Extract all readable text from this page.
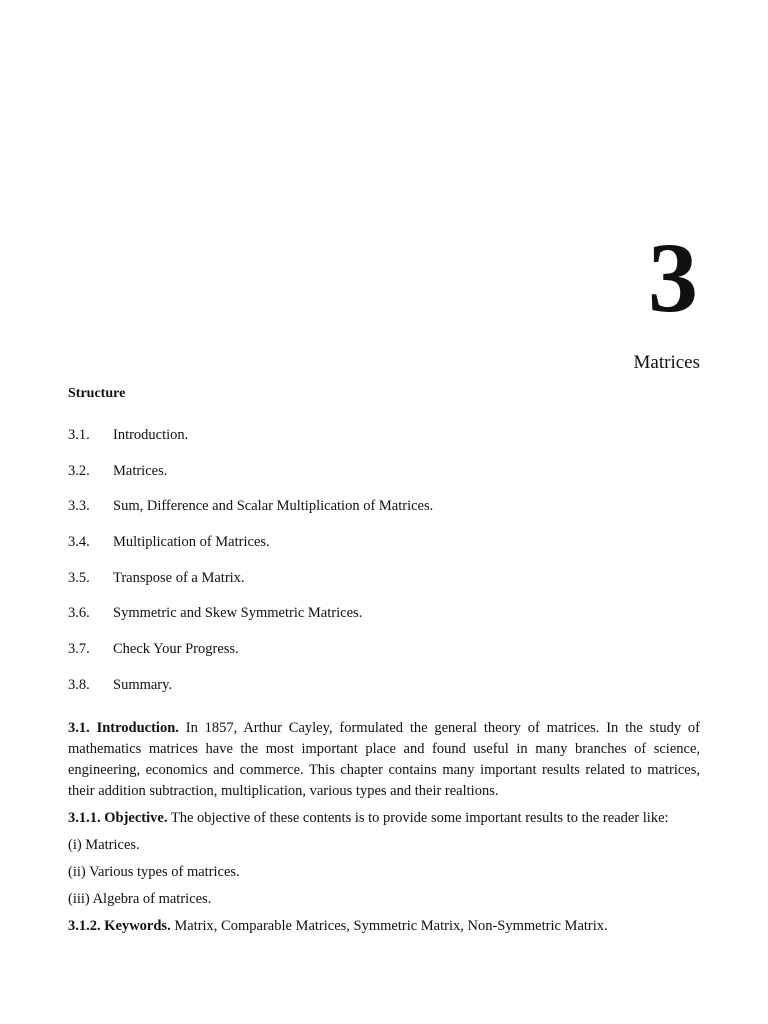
3
Matrices
Structure
3.1.	Introduction.
3.2.	Matrices.
3.3.	Sum, Difference and Scalar Multiplication of Matrices.
3.4.	Multiplication of Matrices.
3.5.	Transpose of a Matrix.
3.6.	Symmetric and Skew Symmetric Matrices.
3.7.	Check Your Progress.
3.8.	Summary.

3.1. Introduction. In 1857, Arthur Cayley, formulated the general theory of matrices. In the study of mathematics matrices have the most important place and found useful in many branches of science, engineering, economics and commerce. This chapter contains many important results related to matrices, their addition subtraction, multiplication, various types and their realtions.

3.1.1. Objective. The objective of these contents is to provide some important results to the reader like:

(i) Matrices.

(ii) Various types of matrices.

(iii) Algebra of matrices.

3.1.2. Keywords. Matrix, Comparable Matrices, Symmetric Matrix, Non-Symmetric Matrix.
